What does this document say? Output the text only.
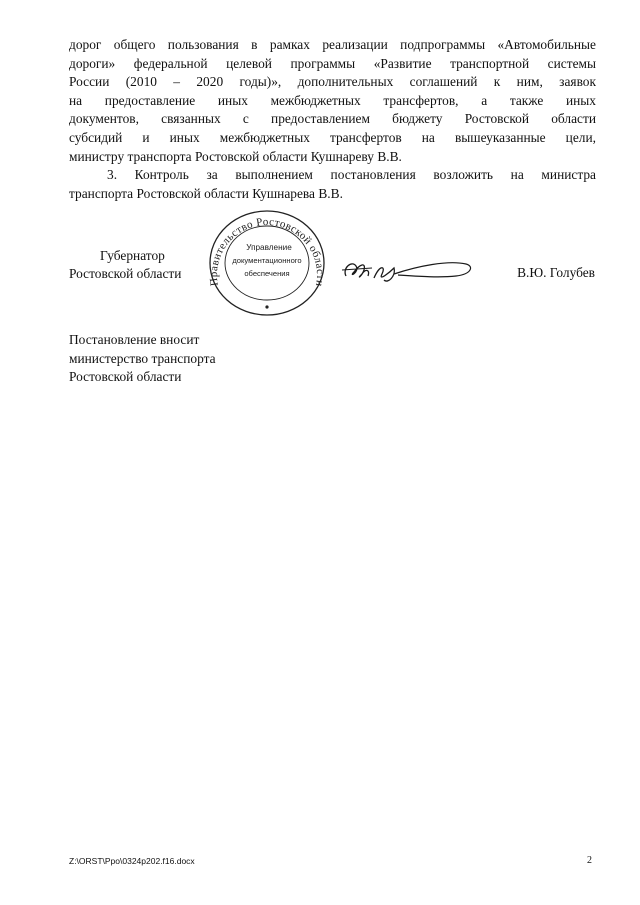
дорог общего пользования в рамках реализации подпрограммы «Автомобильные
дороги» федеральной целевой программы «Развитие транспортной системы
России (2010 – 2020 годы)», дополнительных соглашений к ним, заявок
на предоставление иных межбюджетных трансфертов, а также иных
документов, связанных с предоставлением бюджету Ростовской области
субсидий и иных межбюджетных трансфертов на вышеуказанные цели,
министру транспорта Ростовской области Кушнареву В.В.
3. Контроль за выполнением постановления возложить на министра
транспорта Ростовской области Кушнарева В.В.
Губернатор
Ростовской области
Правительство Ростовской области
Управление
документационного
обеспечения	В.Ю. Голубев
Постановление вносит
министерство транспорта
Ростовской области
Z:\ORST\Ppo\0324p202.f16.docx	2
